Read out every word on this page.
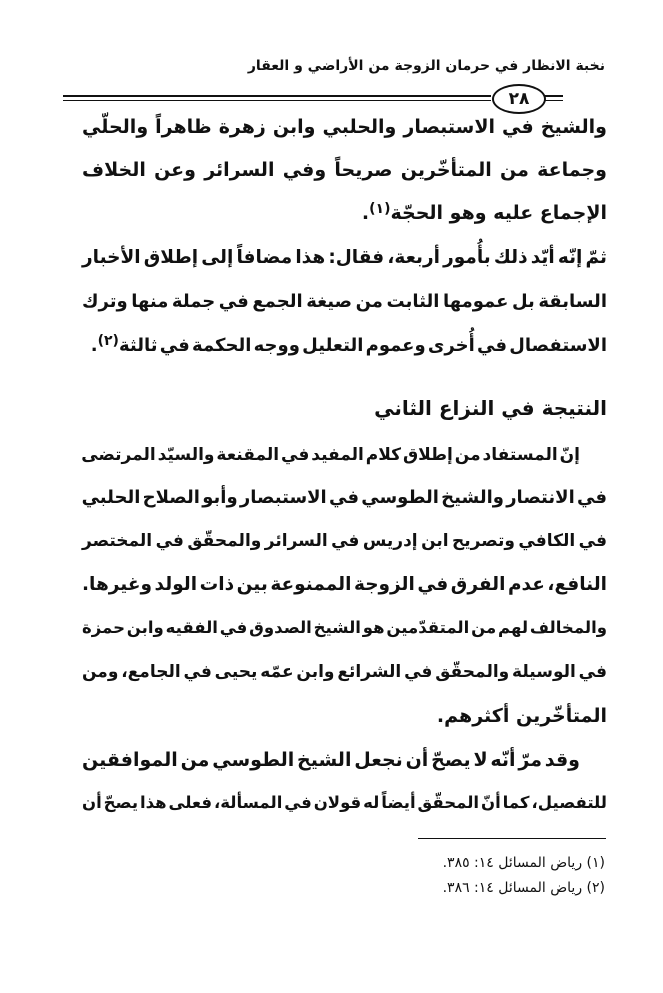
نخبة الانظار في حرمان الزوجة من الأراضي و العقار
٢٨
والشيخ في الاستبصار والحلبي وابن زهرة ظاهراً والحلّي
وجماعة من المتأخّرين صريحاً وفي السرائر وعن الخلاف
الإجماع عليه وهو الحجّة$^{(١)}$.
ثمّ إنّه أيّد ذلك بأُمور أربعة، فقال: هذا مضافاً إلى إطلاق الأخبار
السابقة بل عمومها الثابت من صيغة الجمع في جملة منها وترك
الاستفصال في أُخرى وعموم التعليل ووجه الحكمة في ثالثة$^{(٢)}$.
النتيجة في النزاع الثاني
إنّ المستفاد من إطلاق كلام المفيد في المقنعة والسيّد المرتضى
في الانتصار والشيخ الطوسي في الاستبصار وأبو الصلاح الحلبي
في الكافي وتصريح ابن إدريس في السرائر والمحقّق في المختصر
النافع، عدم الفرق في الزوجة الممنوعة بين ذات الولد وغيرها.
والمخالف لهم من المتقدّمين هو الشيخ الصدوق في الفقيه وابن حمزة
في الوسيلة والمحقّق في الشرائع وابن عمّه يحيى في الجامع، ومن
المتأخّرين أكثرهم.
وقد مرّ أنّه لا يصحّ أن نجعل الشيخ الطوسي من الموافقين
للتفصيل، كما أنّ المحقّق أيضاً له قولان في المسألة، فعلى هذا يصحّ أن
(١) رياض المسائل ١٤: ٣٨٥.
(٢) رياض المسائل ١٤: ٣٨٦.
